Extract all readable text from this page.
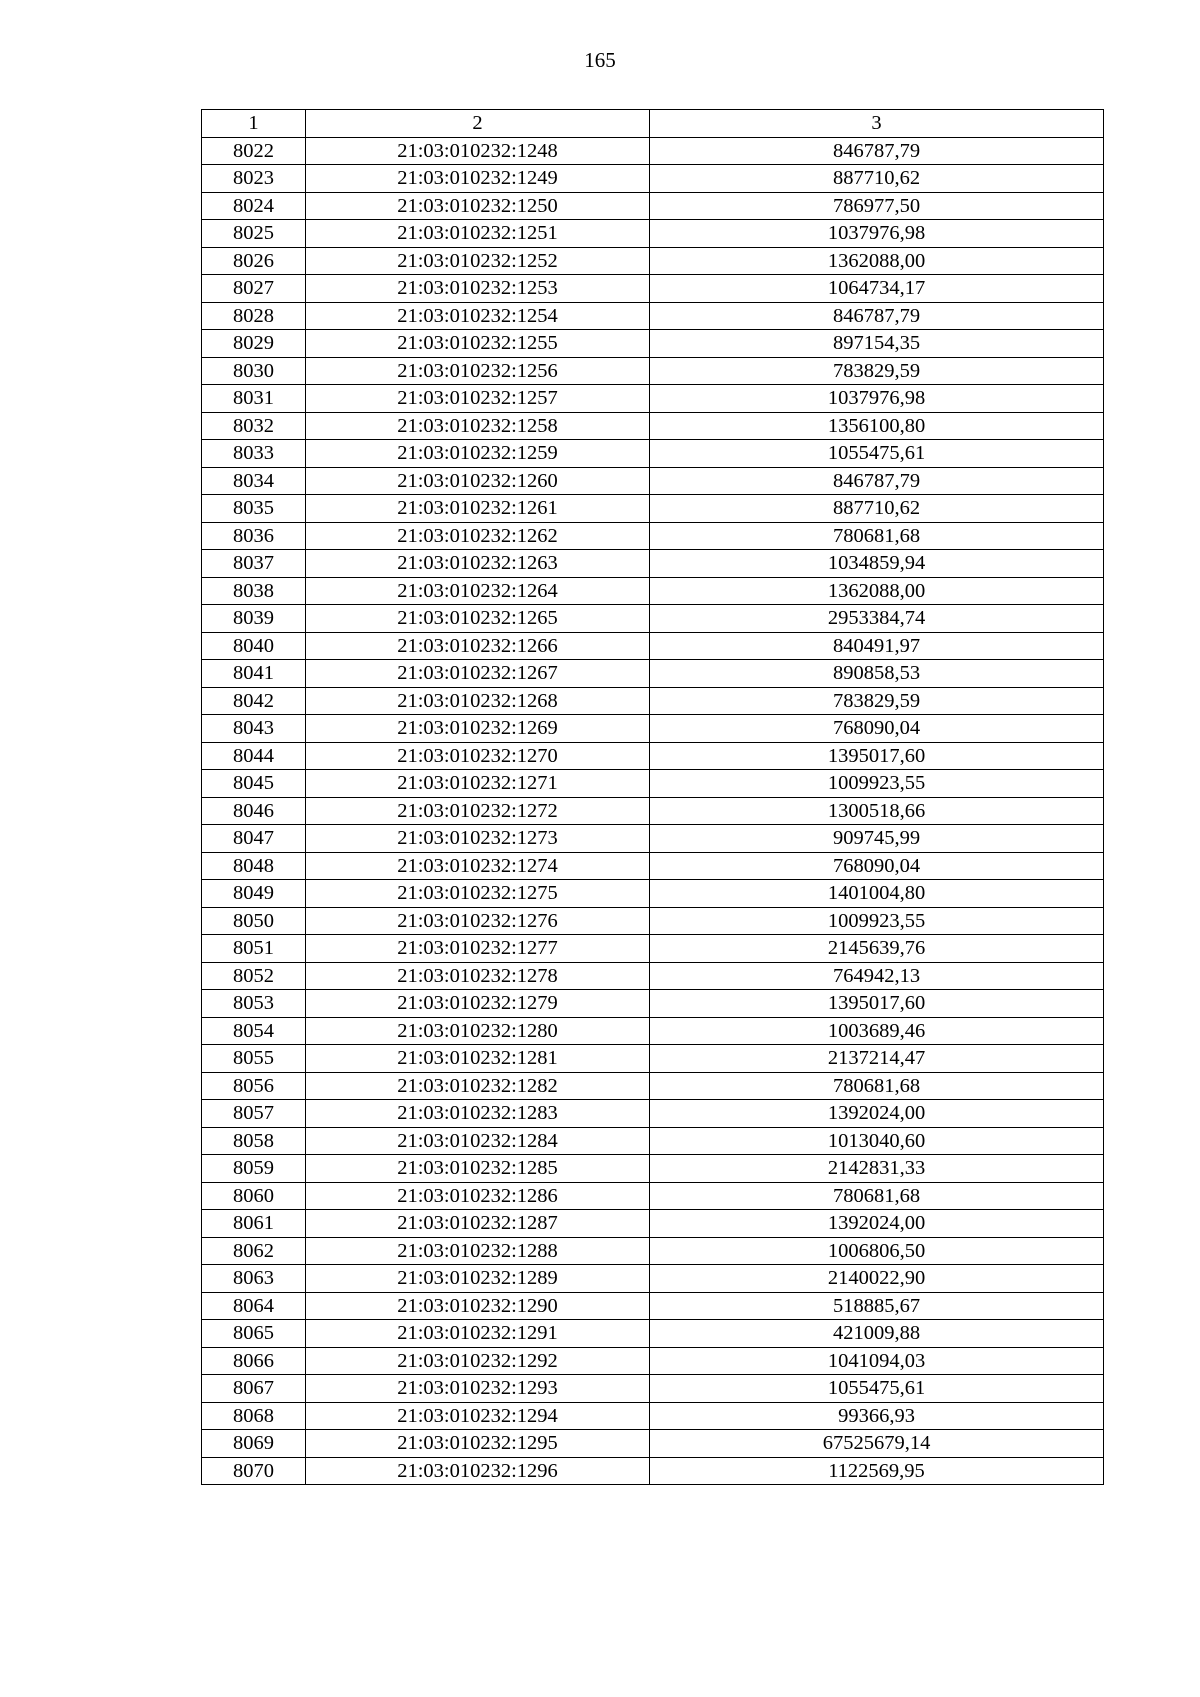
165
1	2	3
8022	21:03:010232:1248	846787,79
8023	21:03:010232:1249	887710,62
8024	21:03:010232:1250	786977,50
8025	21:03:010232:1251	1037976,98
8026	21:03:010232:1252	1362088,00
8027	21:03:010232:1253	1064734,17
8028	21:03:010232:1254	846787,79
8029	21:03:010232:1255	897154,35
8030	21:03:010232:1256	783829,59
8031	21:03:010232:1257	1037976,98
8032	21:03:010232:1258	1356100,80
8033	21:03:010232:1259	1055475,61
8034	21:03:010232:1260	846787,79
8035	21:03:010232:1261	887710,62
8036	21:03:010232:1262	780681,68
8037	21:03:010232:1263	1034859,94
8038	21:03:010232:1264	1362088,00
8039	21:03:010232:1265	2953384,74
8040	21:03:010232:1266	840491,97
8041	21:03:010232:1267	890858,53
8042	21:03:010232:1268	783829,59
8043	21:03:010232:1269	768090,04
8044	21:03:010232:1270	1395017,60
8045	21:03:010232:1271	1009923,55
8046	21:03:010232:1272	1300518,66
8047	21:03:010232:1273	909745,99
8048	21:03:010232:1274	768090,04
8049	21:03:010232:1275	1401004,80
8050	21:03:010232:1276	1009923,55
8051	21:03:010232:1277	2145639,76
8052	21:03:010232:1278	764942,13
8053	21:03:010232:1279	1395017,60
8054	21:03:010232:1280	1003689,46
8055	21:03:010232:1281	2137214,47
8056	21:03:010232:1282	780681,68
8057	21:03:010232:1283	1392024,00
8058	21:03:010232:1284	1013040,60
8059	21:03:010232:1285	2142831,33
8060	21:03:010232:1286	780681,68
8061	21:03:010232:1287	1392024,00
8062	21:03:010232:1288	1006806,50
8063	21:03:010232:1289	2140022,90
8064	21:03:010232:1290	518885,67
8065	21:03:010232:1291	421009,88
8066	21:03:010232:1292	1041094,03
8067	21:03:010232:1293	1055475,61
8068	21:03:010232:1294	99366,93
8069	21:03:010232:1295	67525679,14
8070	21:03:010232:1296	1122569,95
